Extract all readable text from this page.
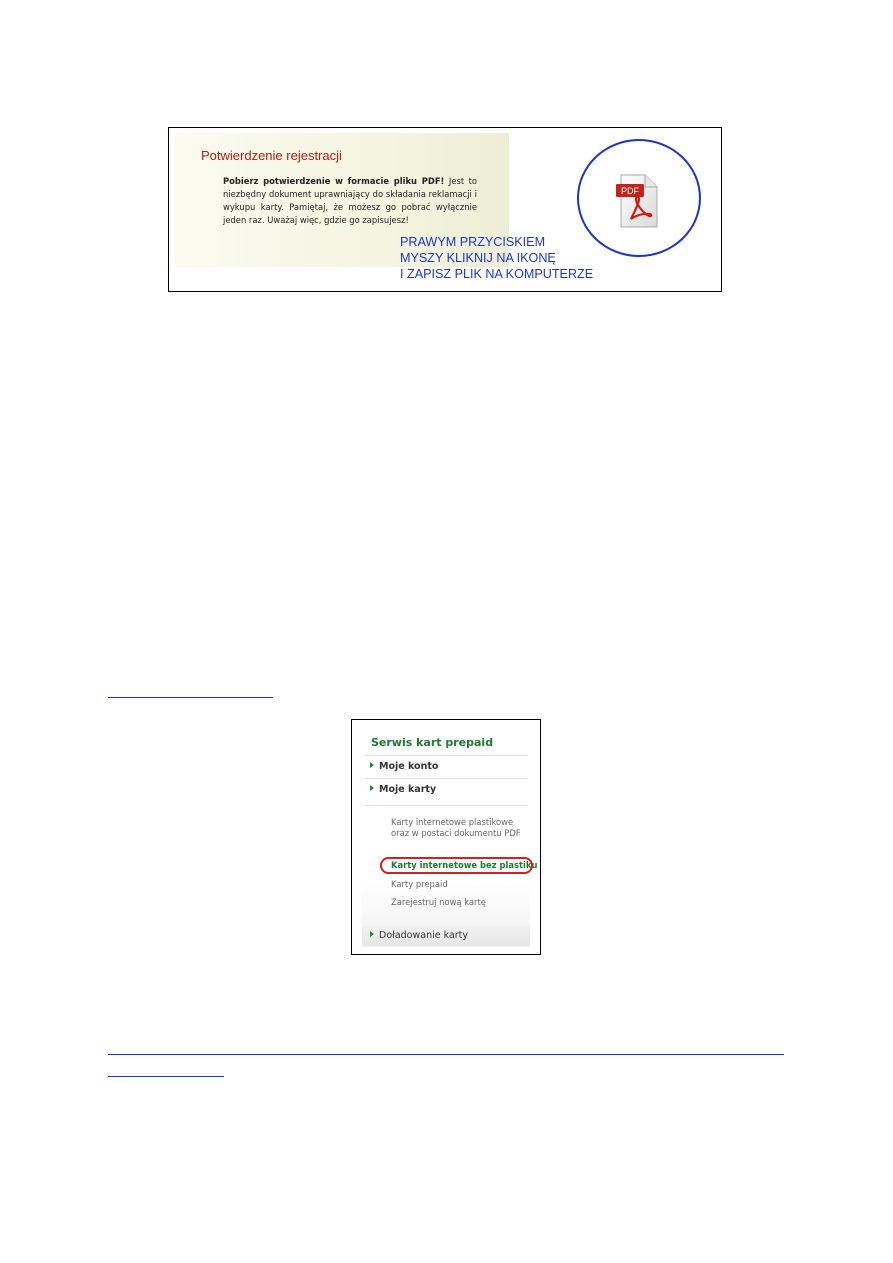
Potwierdzenie rejestracji
Pobierz potwierdzenie w formacie pliku PDF! Jest to niezbędny dokument uprawniający do składania reklamacji i wykupu karty. Pamiętaj, że możesz go pobrać wyłącznie jeden raz. Uważaj więc, gdzie go zapisujesz!
PDF
PRAWYM PRZYCISKIEM
MYSZY KLIKNIJ NA IKONĘ
I ZAPISZ PLIK NA KOMPUTERZE
Serwis kart prepaid
Moje konto
Moje karty
Karty internetowe plastikowe
oraz w postaci dokumentu PDF
Karty internetowe bez plastiku
Karty prepaid
Zarejestruj nową kartę
Doładowanie karty
